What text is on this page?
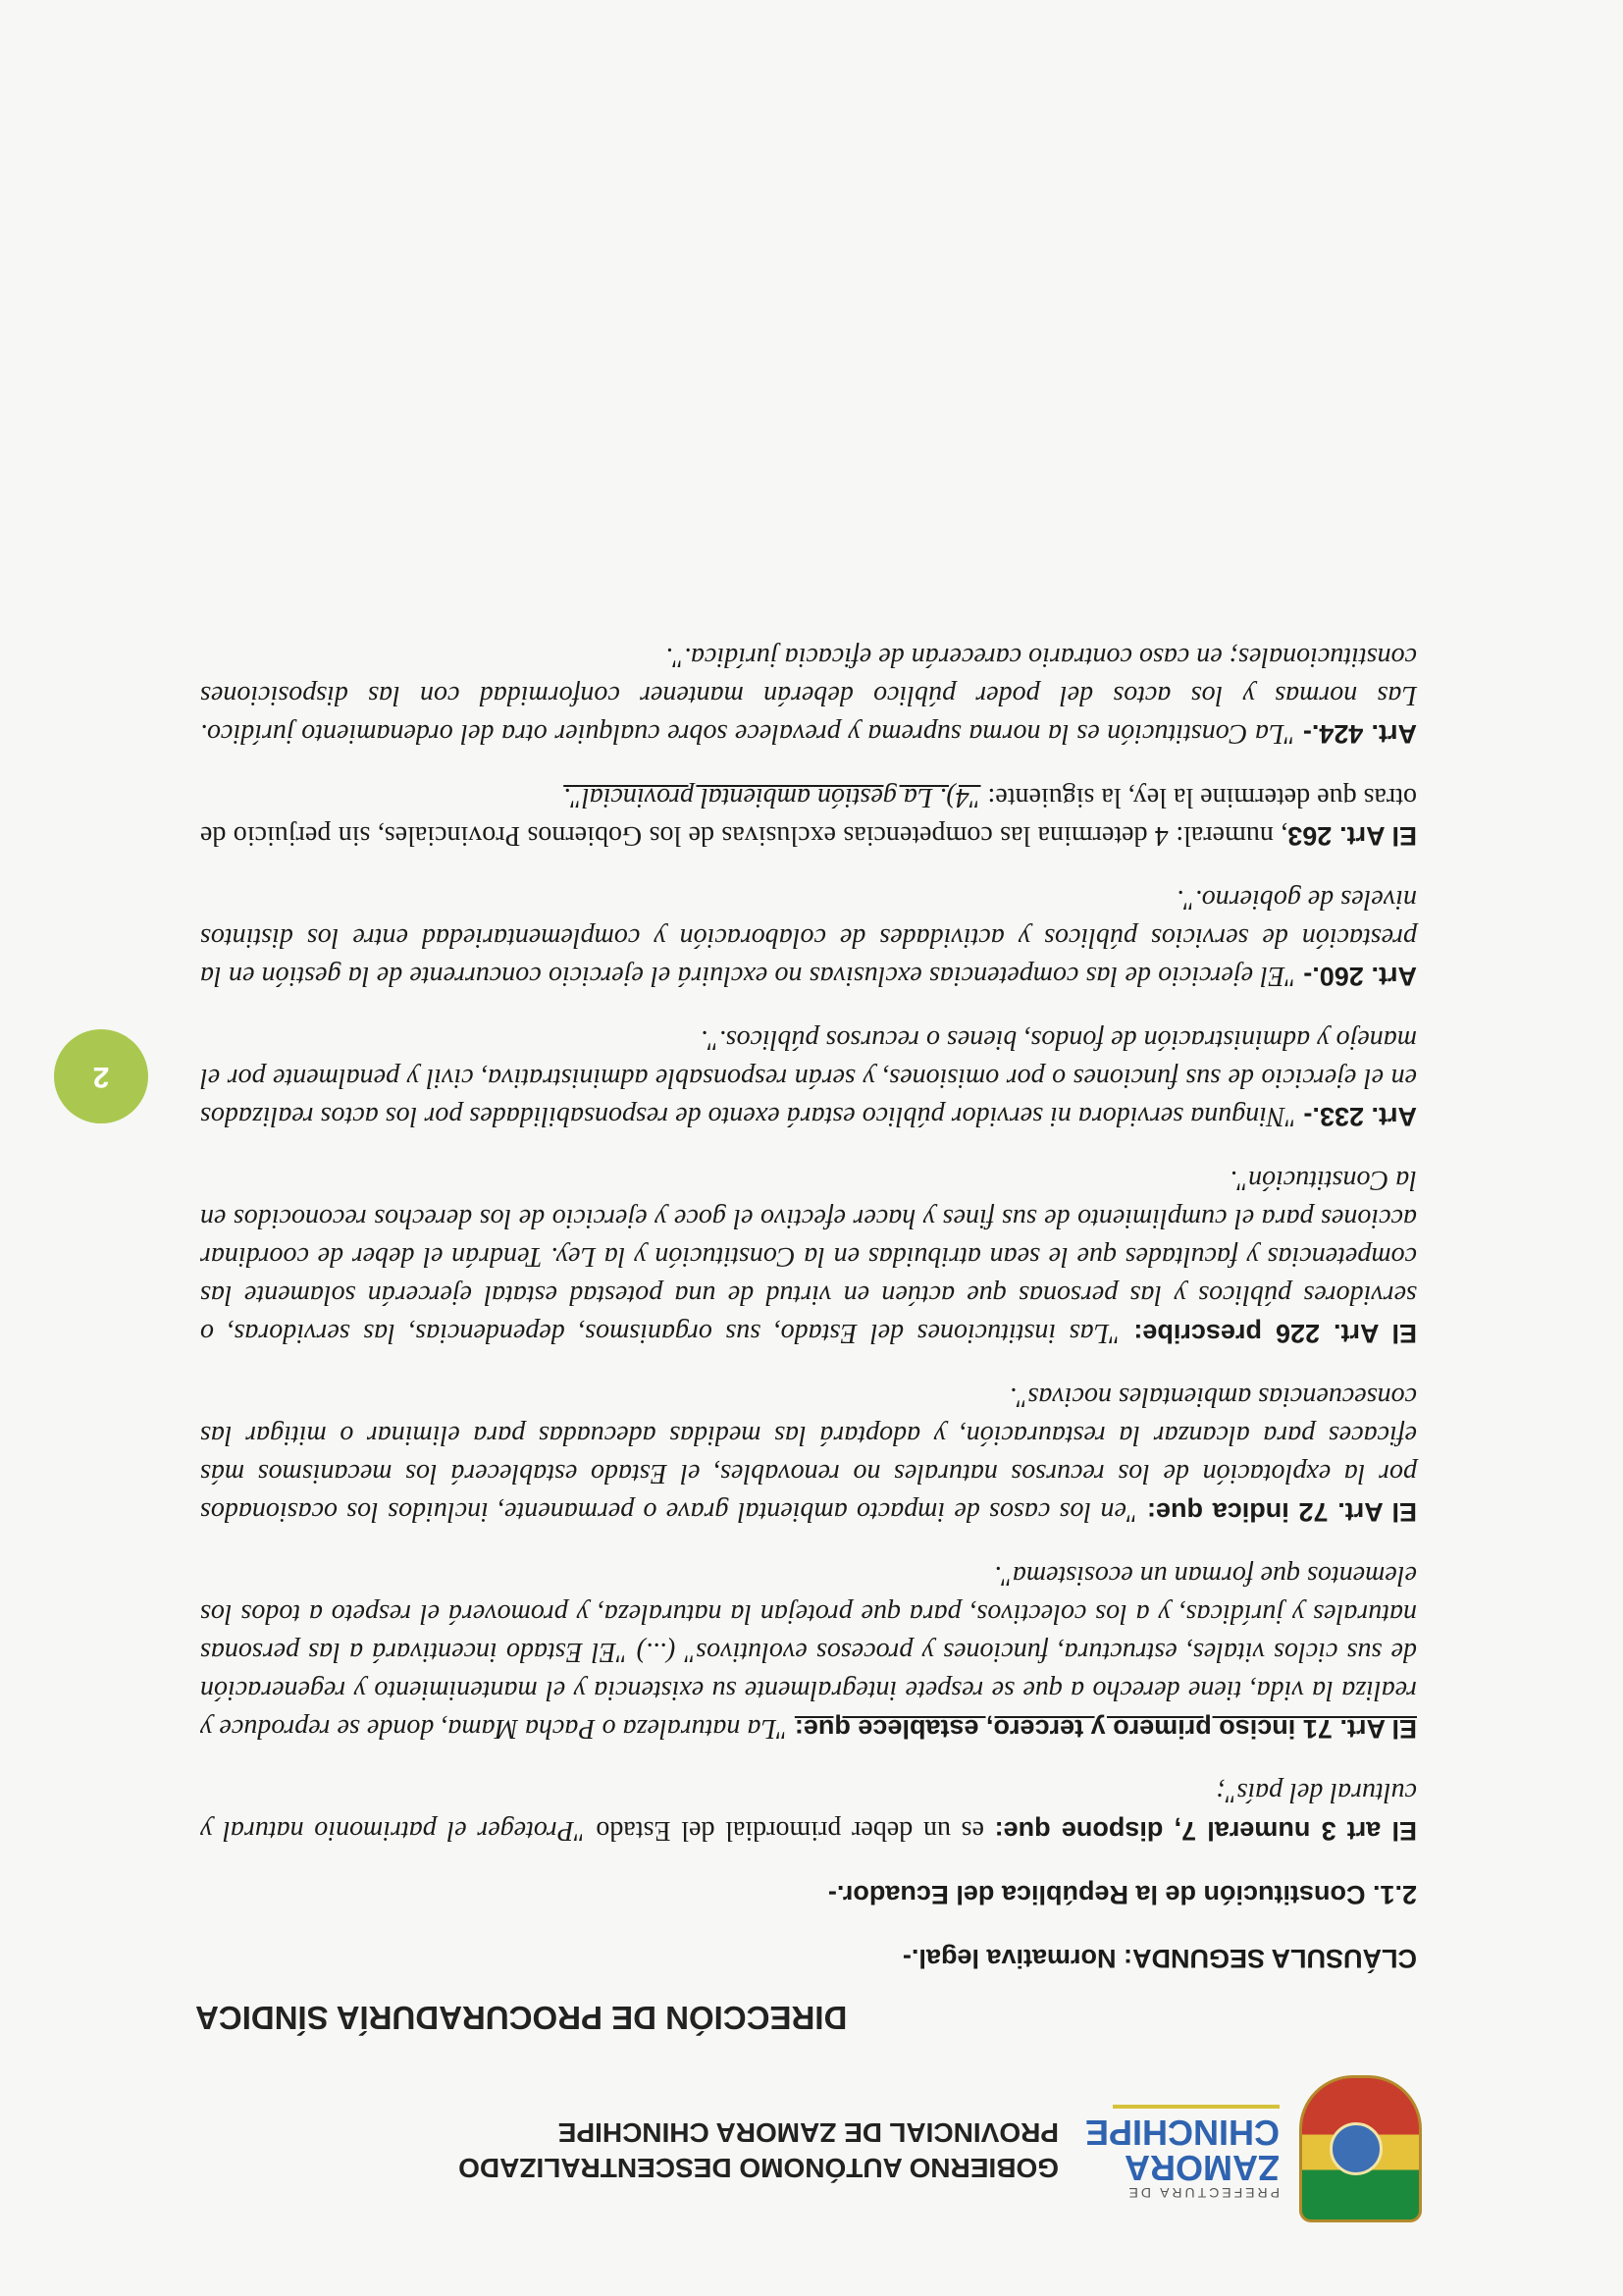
PREFECTURA DE
ZAMORA
CHINCHIPE
GOBIERNO AUTÓNOMO DESCENTRALIZADO
PROVINCIAL DE ZAMORA CHINCHIPE
DIRECCIÓN DE PROCURADURÍA SÍNDICA

CLÁUSULA SEGUNDA: Normativa legal.-

2.1. Constitución de la República del Ecuador.-

El art 3 numeral 7, dispone que: es un deber primordial del Estado "Proteger el patrimonio natural y cultural del país";

El Art. 71 inciso primero y tercero, establece que: "La naturaleza o Pacha Mama, donde se reproduce y realiza la vida, tiene derecho a que se respete integralmente su existencia y el mantenimiento y regeneración de sus ciclos vitales, estructura, funciones y procesos evolutivos" (...) "El Estado incentivará a las personas naturales y jurídicas, y a los colectivos, para que protejan la naturaleza, y promoverá el respeto a todos los elementos que forman un ecosistema".

El Art. 72 indica que: "en los casos de impacto ambiental grave o permanente, incluidos los ocasionados por la explotación de los recursos naturales no renovables, el Estado establecerá los mecanismos más eficaces para alcanzar la restauración, y adoptará las medidas adecuadas para eliminar o mitigar las consecuencias ambientales nocivas".

El Art. 226 prescribe: "Las instituciones del Estado, sus organismos, dependencias, las servidoras, o servidores públicos y las personas que actúen en virtud de una potestad estatal ejercerán solamente las competencias y facultades que le sean atribuidas en la Constitución y la Ley. Tendrán el deber de coordinar acciones para el cumplimiento de sus fines y hacer efectivo el goce y ejercicio de los derechos reconocidos en la Constitución".

Art. 233.- "Ninguna servidora ni servidor público estará exento de responsabilidades por los actos realizados en el ejercicio de sus funciones o por omisiones, y serán responsable administrativa, civil y penalmente por el manejo y administración de fondos, bienes o recursos públicos.".

Art. 260.- "El ejercicio de las competencias exclusivas no excluirá el ejercicio concurrente de la gestión en la prestación de servicios públicos y actividades de colaboración y complementariedad entre los distintos niveles de gobierno.".

El Art. 263, numeral: 4 determina las competencias exclusivas de los Gobiernos Provinciales, sin perjuicio de otras que determine la ley, la siguiente: "4). La gestión ambiental provincial".

Art. 424.- "La Constitución es la norma suprema y prevalece sobre cualquier otra del ordenamiento jurídico. Las normas y los actos del poder público deberán mantener conformidad con las disposiciones constitucionales; en caso contrario carecerán de eficacia jurídica.".

2
